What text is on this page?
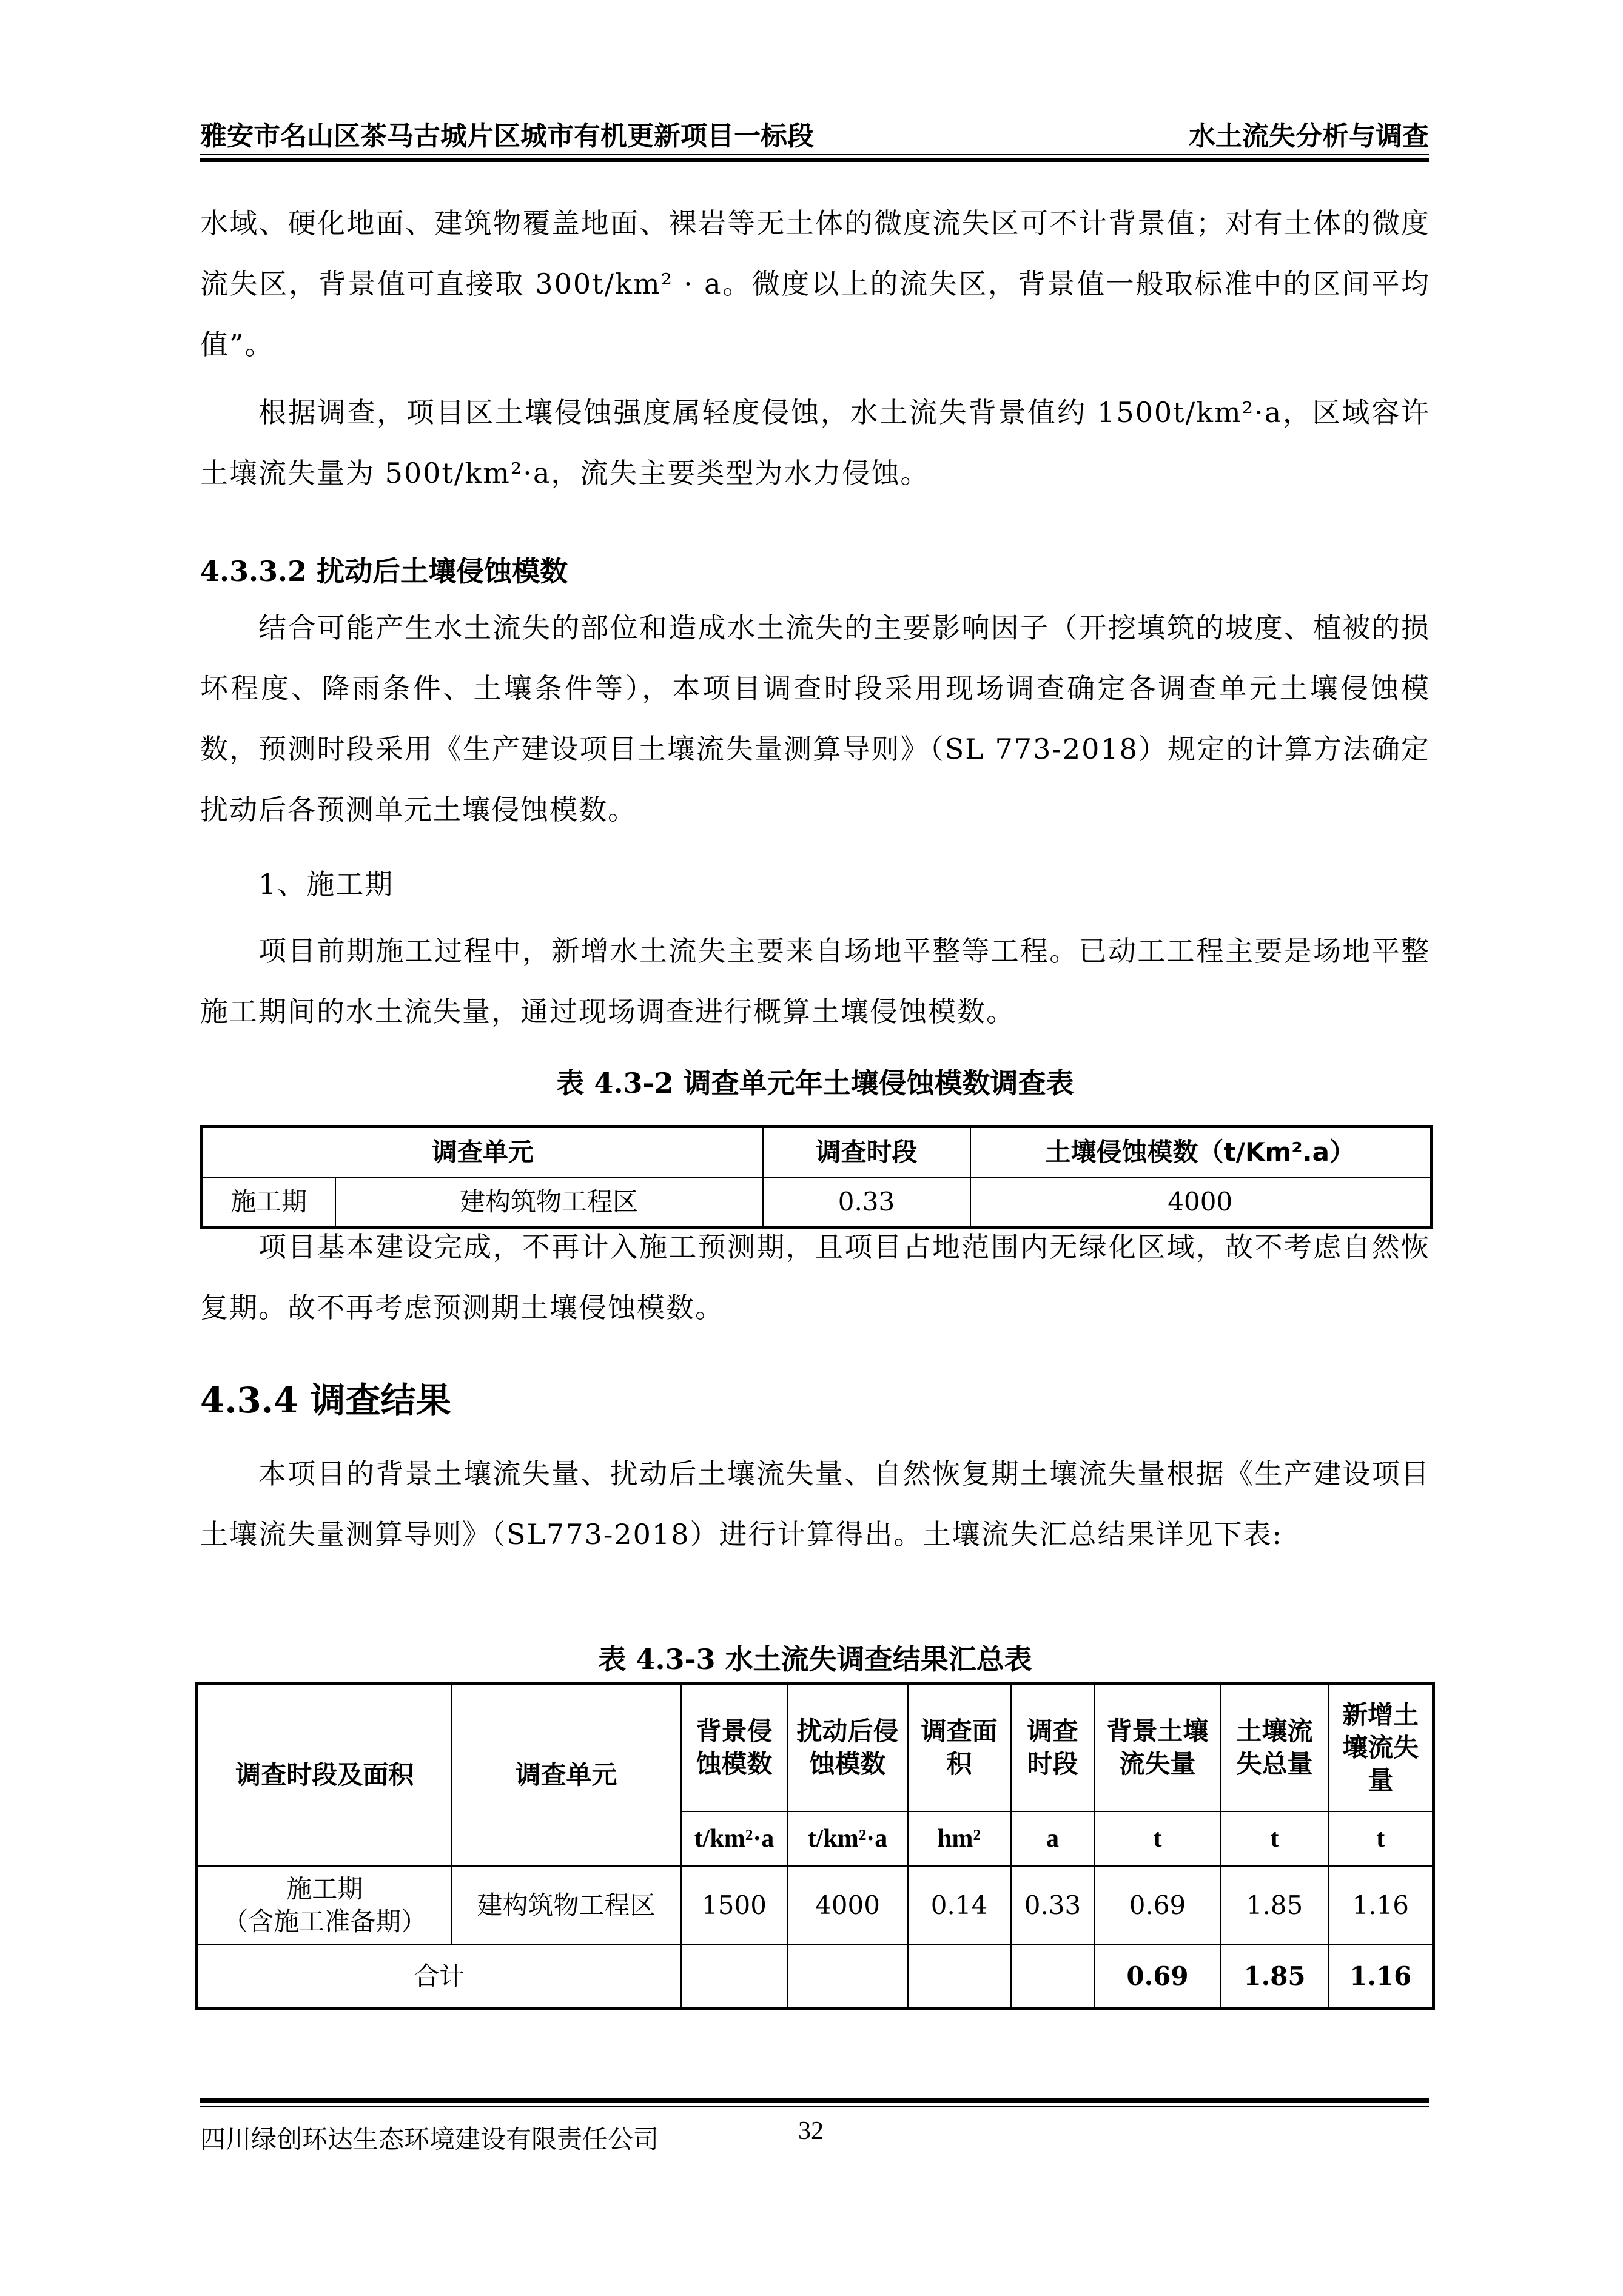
雅安市名山区茶马古城片区城市有机更新项目一标段	水土流失分析与调查
水域、硬化地面、建筑物覆盖地面、裸岩等无土体的微度流失区可不计背景值；对有土体的微度流失区，背景值可直接取 300t/km² · a。微度以上的流失区，背景值一般取标准中的区间平均值”。
根据调查，项目区土壤侵蚀强度属轻度侵蚀，水土流失背景值约 1500t/km²·a，区域容许土壤流失量为 500t/km²·a，流失主要类型为水力侵蚀。
4.3.3.2 扰动后土壤侵蚀模数
结合可能产生水土流失的部位和造成水土流失的主要影响因子（开挖填筑的坡度、植被的损坏程度、降雨条件、土壤条件等），本项目调查时段采用现场调查确定各调查单元土壤侵蚀模数，预测时段采用《生产建设项目土壤流失量测算导则》（SL 773-2018）规定的计算方法确定扰动后各预测单元土壤侵蚀模数。
1、施工期
项目前期施工过程中，新增水土流失主要来自场地平整等工程。已动工工程主要是场地平整施工期间的水土流失量，通过现场调查进行概算土壤侵蚀模数。
表 4.3-2 调查单元年土壤侵蚀模数调查表
调查单元		调查时段	土壤侵蚀模数（t/Km².a）
施工期	建构筑物工程区	0.33	4000
项目基本建设完成，不再计入施工预测期，且项目占地范围内无绿化区域，故不考虑自然恢复期。故不再考虑预测期土壤侵蚀模数。
4.3.4 调查结果
本项目的背景土壤流失量、扰动后土壤流失量、自然恢复期土壤流失量根据《生产建设项目土壤流失量测算导则》（SL773-2018）进行计算得出。土壤流失汇总结果详见下表:
表 4.3-3 水土流失调查结果汇总表
调查时段及面积	调查单元	背景侵蚀模数	扰动后侵蚀模数	调查面积	调查时段	背景土壤流失量	土壤流失总量	新增土壤流失量
		t/km²·a	t/km²·a	hm²	a	t	t	t

施工期
（含施工准备期）	建构筑物工程区	1500	4000	0.14	0.33	0.69	1.85	1.16
合计						0.69	1.85	1.16
四川绿创环达生态环境建设有限责任公司	32
